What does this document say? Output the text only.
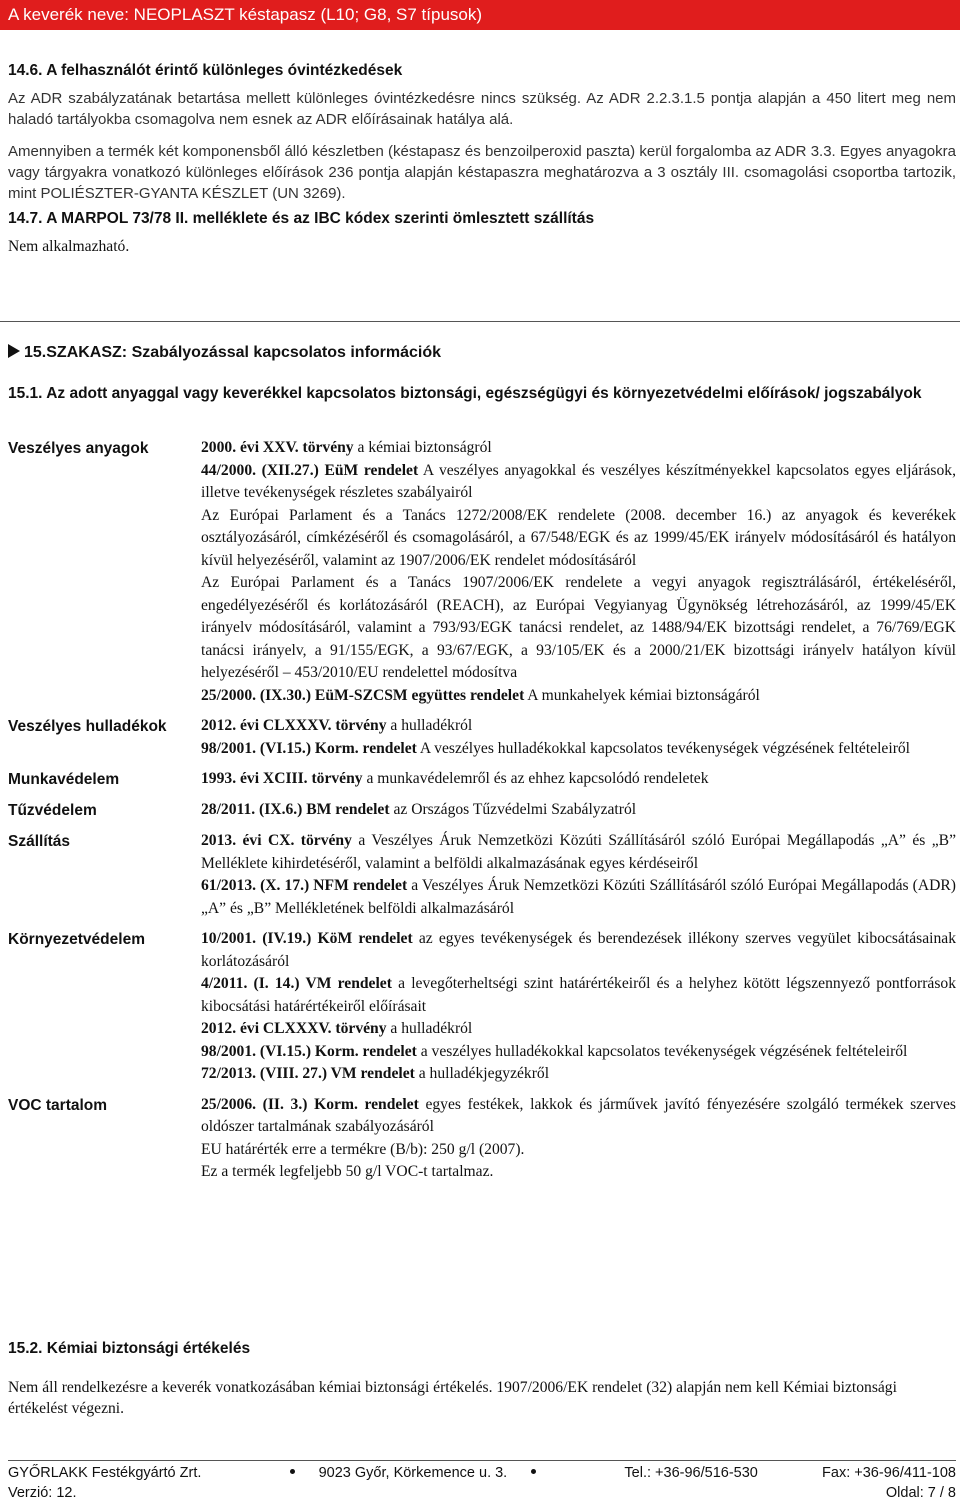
A keverék neve: NEOPLASZT késtapasz (L10; G8, S7 típusok)
14.6. A felhasználót érintő különleges óvintézkedések
Az ADR szabályzatának betartása mellett különleges óvintézkedésre nincs szükség. Az ADR 2.2.3.1.5 pontja alapján a 450 litert meg nem haladó tartályokba csomagolva nem esnek az ADR előírásainak hatálya alá.
Amennyiben a termék két komponensből álló készletben (késtapasz és benzoilperoxid paszta) kerül forgalomba az ADR 3.3. Egyes anyagokra vagy tárgyakra vonatkozó különleges előírások 236 pontja alapján késtapaszra meghatározva a 3 osztály III. csomagolási csoportba tartozik, mint POLIÉSZTER-GYANTA KÉSZLET (UN 3269).
14.7. A MARPOL 73/78 II. melléklete és az IBC kódex szerinti ömlesztett szállítás
Nem alkalmazható.
15.SZAKASZ: Szabályozással kapcsolatos információk
15.1. Az adott anyaggal vagy keverékkel kapcsolatos biztonsági, egészségügyi és környezetvédelmi előírások/ jogszabályok
Veszélyes anyagok	2000. évi XXV. törvény a kémiai biztonságról
44/2000. (XII.27.) EüM rendelet A veszélyes anyagokkal és veszélyes készítményekkel kapcsolatos egyes eljárások, illetve tevékenységek részletes szabályairól
Az Európai Parlament és a Tanács 1272/2008/EK rendelete (2008. december 16.) az anyagok és keverékek osztályozásáról, címkézéséről és csomagolásáról, a 67/548/EGK és az 1999/45/EK irányelv módosításáról és hatályon kívül helyezéséről, valamint az 1907/2006/EK rendelet módosításáról
Az Európai Parlament és a Tanács 1907/2006/EK rendelete a vegyi anyagok regisztrálásáról, értékeléséről, engedélyezéséről és korlátozásáról (REACH), az Európai Vegyianyag Ügynökség létrehozásáról, az 1999/45/EK irányelv módosításáról, valamint a 793/93/EGK tanácsi rendelet, az 1488/94/EK bizottsági rendelet, a 76/769/EGK tanácsi irányelv, a 91/155/EGK, a 93/67/EGK, a 93/105/EK és a 2000/21/EK bizottsági irányelv hatályon kívül helyezéséről – 453/2010/EU rendelettel módosítva
25/2000. (IX.30.) EüM-SZCSM együttes rendelet A munkahelyek kémiai biztonságáról
Veszélyes hulladékok	2012. évi CLXXXV. törvény a hulladékról
98/2001. (VI.15.) Korm. rendelet A veszélyes hulladékokkal kapcsolatos tevékenységek végzésének feltételeiről
Munkavédelem	1993. évi XCIII. törvény a munkavédelemről és az ehhez kapcsolódó rendeletek
Tűzvédelem	28/2011. (IX.6.) BM rendelet az Országos Tűzvédelmi Szabályzatról
Szállítás	2013. évi CX. törvény a Veszélyes Áruk Nemzetközi Közúti Szállításáról szóló Európai Megállapodás „A” és „B” Melléklete kihirdetéséről, valamint a belföldi alkalmazásának egyes kérdéseiről
61/2013. (X. 17.) NFM rendelet a Veszélyes Áruk Nemzetközi Közúti Szállításáról szóló Európai Megállapodás (ADR) „A” és „B” Mellékletének belföldi alkalmazásáról
Környezetvédelem	10/2001. (IV.19.) KöM rendelet az egyes tevékenységek és berendezések illékony szerves vegyület kibocsátásainak korlátozásáról
4/2011. (I. 14.) VM rendelet a levegőterheltségi szint határértékeiről és a helyhez kötött légszennyező pontforrások kibocsátási határértékeiről előírásait
2012. évi CLXXXV. törvény a hulladékról
98/2001. (VI.15.) Korm. rendelet a veszélyes hulladékokkal kapcsolatos tevékenységek végzésének feltételeiről
72/2013. (VIII. 27.) VM rendelet a hulladékjegyzékről
VOC tartalom	25/2006. (II. 3.) Korm. rendelet egyes festékek, lakkok és járművek javító fényezésére szolgáló termékek szerves oldószer tartalmának szabályozásáról
EU határérték erre a termékre (B/b): 250 g/l (2007).
Ez a termék legfeljebb 50 g/l VOC-t tartalmaz.
15.2. Kémiai biztonsági értékelés
Nem áll rendelkezésre a keverék vonatkozásában kémiai biztonsági értékelés. 1907/2006/EK rendelet (32) alapján nem kell Kémiai biztonsági értékelést végezni.
GYŐRLAKK Festékgyártó Zrt.	9023 Győr, Körkemence u. 3.	Tel.: +36-96/516-530	Fax: +36-96/411-108
Verzió: 12.	Oldal: 7 / 8
